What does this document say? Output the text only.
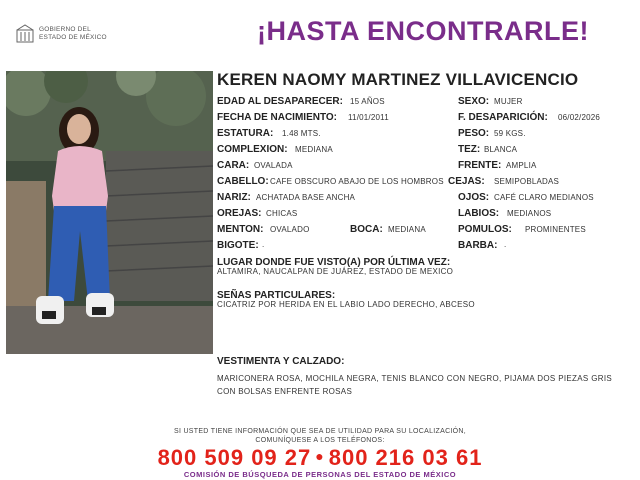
GOBIERNO DEL
ESTADO DE MÉXICO	¡HASTA ENCONTRARLE!
KEREN NAOMY MARTINEZ VILLAVICENCIO
EDAD AL DESAPARECER: 15 AÑOS	SEXO: MUJER
FECHA DE NACIMIENTO: 11/01/2011	F. DESAPARICIÓN: 06/02/2026
ESTATURA: 1.48 MTS.	PESO: 59 KGS.
COMPLEXION: MEDIANA	TEZ: BLANCA
CARA: OVALADA	FRENTE: AMPLIA
CABELLO: CAFE OBSCURO ABAJO DE LOS HOMBROS CEJAS: SEMIPOBLADAS
NARIZ: ACHATADA BASE ANCHA	OJOS: CAFÉ CLARO MEDIANOS
OREJAS: CHICAS	LABIOS: MEDIANOS
MENTON: OVALADO	BOCA: MEDIANA	POMULOS: PROMINENTES
BIGOTE: .	BARBA: .
LUGAR DONDE FUE VISTO(A) POR ÚLTIMA VEZ:
ALTAMIRA, NAUCALPAN DE JUÁREZ, ESTADO DE MEXICO
SEÑAS PARTICULARES:
CICATRIZ POR HERIDA EN EL LABIO LADO DERECHO, ABCESO
VESTIMENTA Y CALZADO:
MARICONERA ROSA, MOCHILA NEGRA, TENIS BLANCO CON NEGRO, PIJAMA DOS PIEZAS GRIS CON BOLSAS ENFRENTE ROSAS
SI USTED TIENE INFORMACIÓN QUE SEA DE UTILIDAD PARA SU LOCALIZACIÓN,
COMUNÍQUESE A LOS TELÉFONOS:
800 509 09 27 ● 800 216 03 61
COMISIÓN DE BÚSQUEDA DE PERSONAS DEL ESTADO DE MÉXICO
